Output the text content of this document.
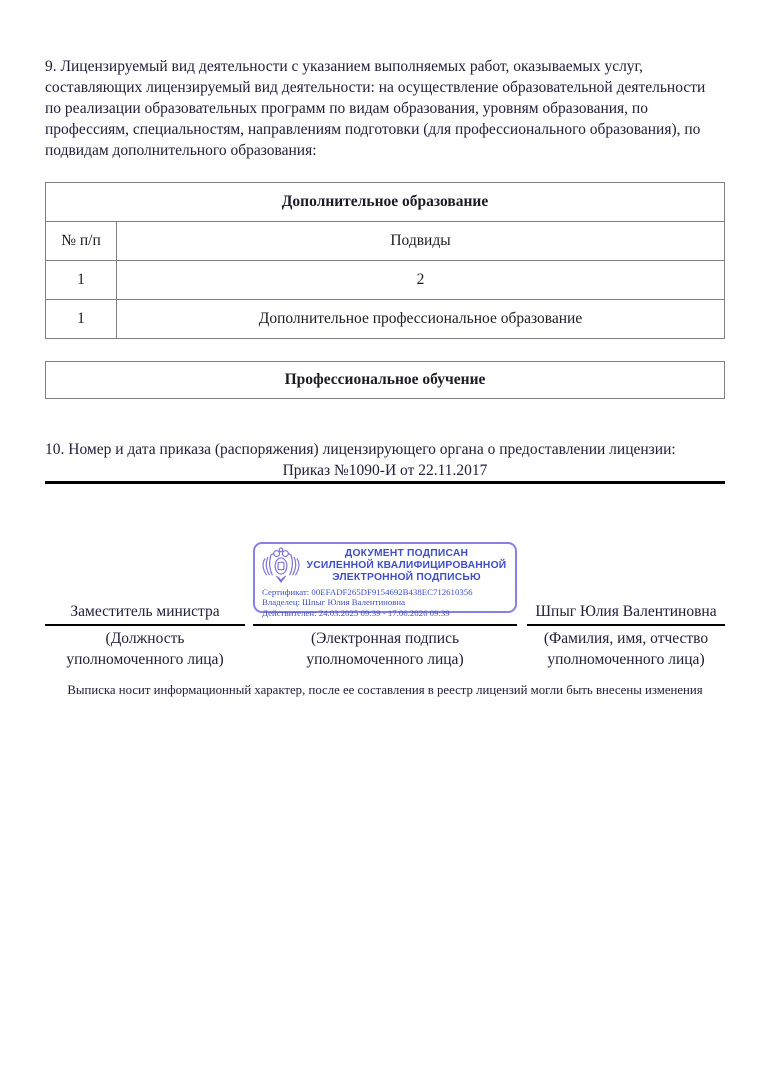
9. Лицензируемый вид деятельности с указанием выполняемых работ, оказываемых услуг, составляющих лицензируемый вид деятельности: на осуществление образовательной деятельности по реализации образовательных программ по видам образования, уровням образования, по профессиям, специальностям, направлениям подготовки (для профессионального образования), по подвидам дополнительного образования:

Дополнительное образование	
№ п/п	Подвиды
1	2
1	Дополнительное профессиональное образование
Профессиональное обучение

10. Номер и дата приказа (распоряжения) лицензирующего органа о предоставлении лицензии:

Приказ №1090-И от 22.11.2017

Заместитель министра
(Должность
уполномоченного лица)
ДОКУМЕНТ ПОДПИСАН
УСИЛЕННОЙ КВАЛИФИЦИРОВАННОЙ
ЭЛЕКТРОННОЙ ПОДПИСЬЮ
Сертификат: 00EFADF265DF9154692B438EC712610356
Владелец: Шпыг Юлия Валентиновна
Действителен: 24.03.2025 09:39 - 17.06.2026 09:39
(Электронная подпись
уполномоченного лица)
Шпыг Юлия Валентиновна
(Фамилия, имя, отчество
уполномоченного лица)

Выписка носит информационный характер, после ее составления в реестр лицензий могли быть внесены изменения
